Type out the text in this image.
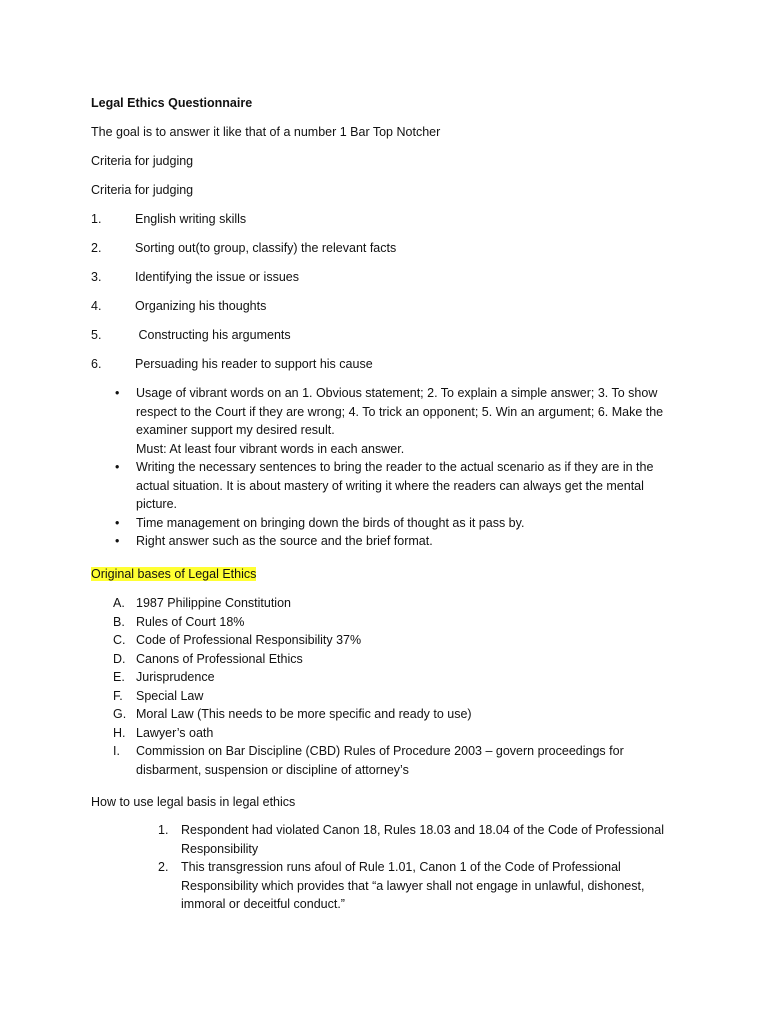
Legal Ethics Questionnaire
The goal is to answer it like that of a number 1 Bar Top Notcher
Criteria for judging
Criteria for judging
1.	English writing skills
2.	Sorting out(to group, classify) the relevant facts
3.	Identifying the issue or issues
4.	Organizing his thoughts
5.	Constructing his arguments
6.	Persuading his reader to support his cause
• Usage of vibrant words on an 1. Obvious statement; 2. To explain a simple answer; 3. To show
respect to the Court if they are wrong; 4. To trick an opponent; 5. Win an argument; 6. Make the
examiner support my desired result.
Must: At least four vibrant words in each answer.
• Writing the necessary sentences to bring the reader to the actual scenario as if they are in the
actual situation. It is about mastery of writing it where the readers can always get the mental
picture.
• Time management on bringing down the birds of thought as it pass by.
• Right answer such as the source and the brief format.
Original bases of Legal Ethics
A. 1987 Philippine Constitution
B. Rules of Court 18%
C. Code of Professional Responsibility 37%
D. Canons of Professional Ethics
E. Jurisprudence
F. Special Law
G. Moral Law (This needs to be more specific and ready to use)
H. Lawyer’s oath
I. Commission on Bar Discipline (CBD) Rules of Procedure 2003 – govern proceedings for
disbarment, suspension or discipline of attorney’s
How to use legal basis in legal ethics
1. Respondent had violated Canon 18, Rules 18.03 and 18.04 of the Code of Professional
Responsibility
2. This transgression runs afoul of Rule 1.01, Canon 1 of the Code of Professional
Responsibility which provides that “a lawyer shall not engage in unlawful, dishonest,
immoral or deceitful conduct.”
